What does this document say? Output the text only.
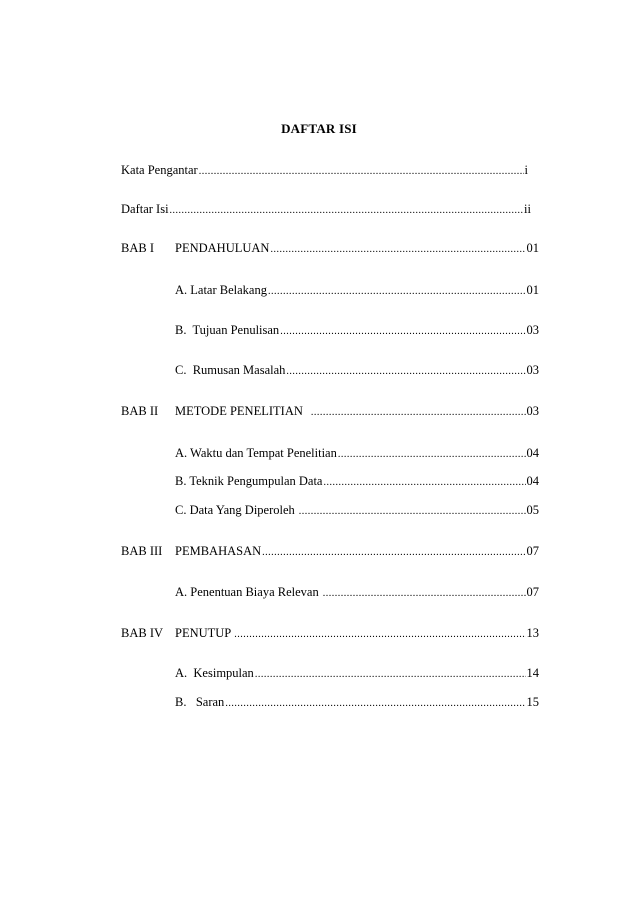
DAFTAR ISI
Kata Pengantar .....	i
Daftar Isi .....	ii
BAB I PENDAHULUAN .....	01
A. Latar Belakang .....	01
B.  Tujuan Penulisan .....	03
C.  Rumusan Masalah .....	03
BAB II METODE PENELITIAN .....	03
A. Waktu dan Tempat Penelitian .....	04
B. Teknik Pengumpulan Data .....	04
C. Data Yang Diperoleh .....	05
BAB III PEMBAHASAN .....	07
A. Penentuan Biaya Relevan .....	07
BAB IV PENUTUP .....	13
A.  Kesimpulan .....	14
B.   Saran .....	15
